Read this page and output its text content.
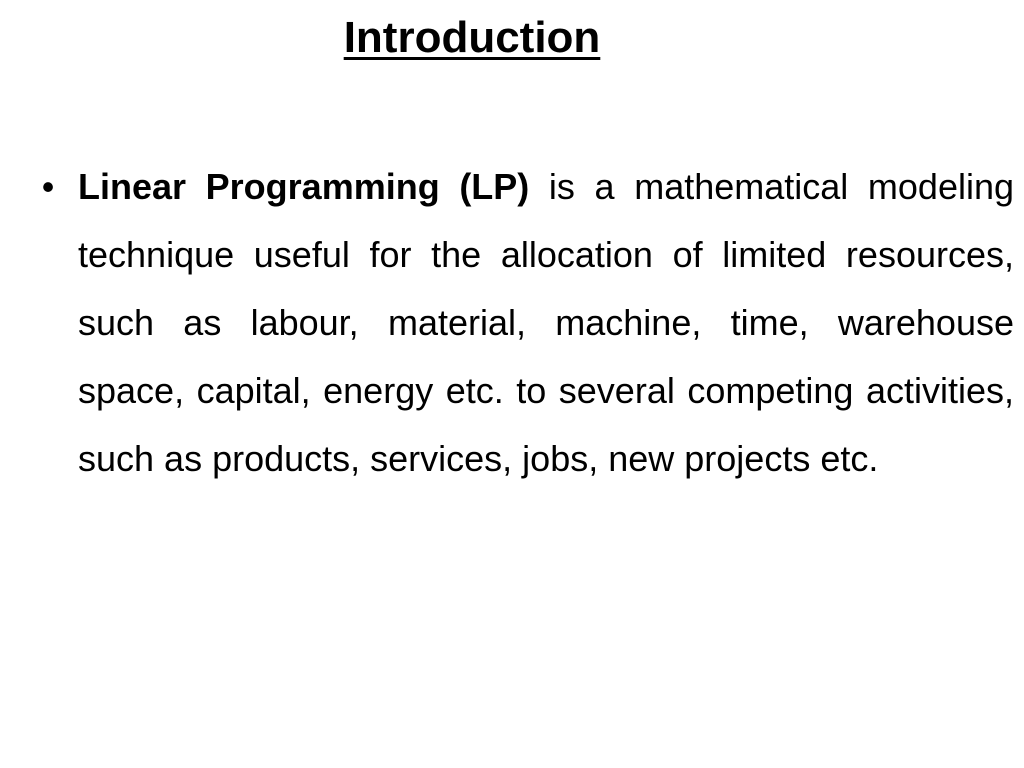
Introduction
• Linear Programming (LP) is a mathematical modeling technique useful for the allocation of limited resources, such as labour, material, machine, time, warehouse space, capital, energy etc. to several competing activities, such as products, services, jobs, new projects etc.
